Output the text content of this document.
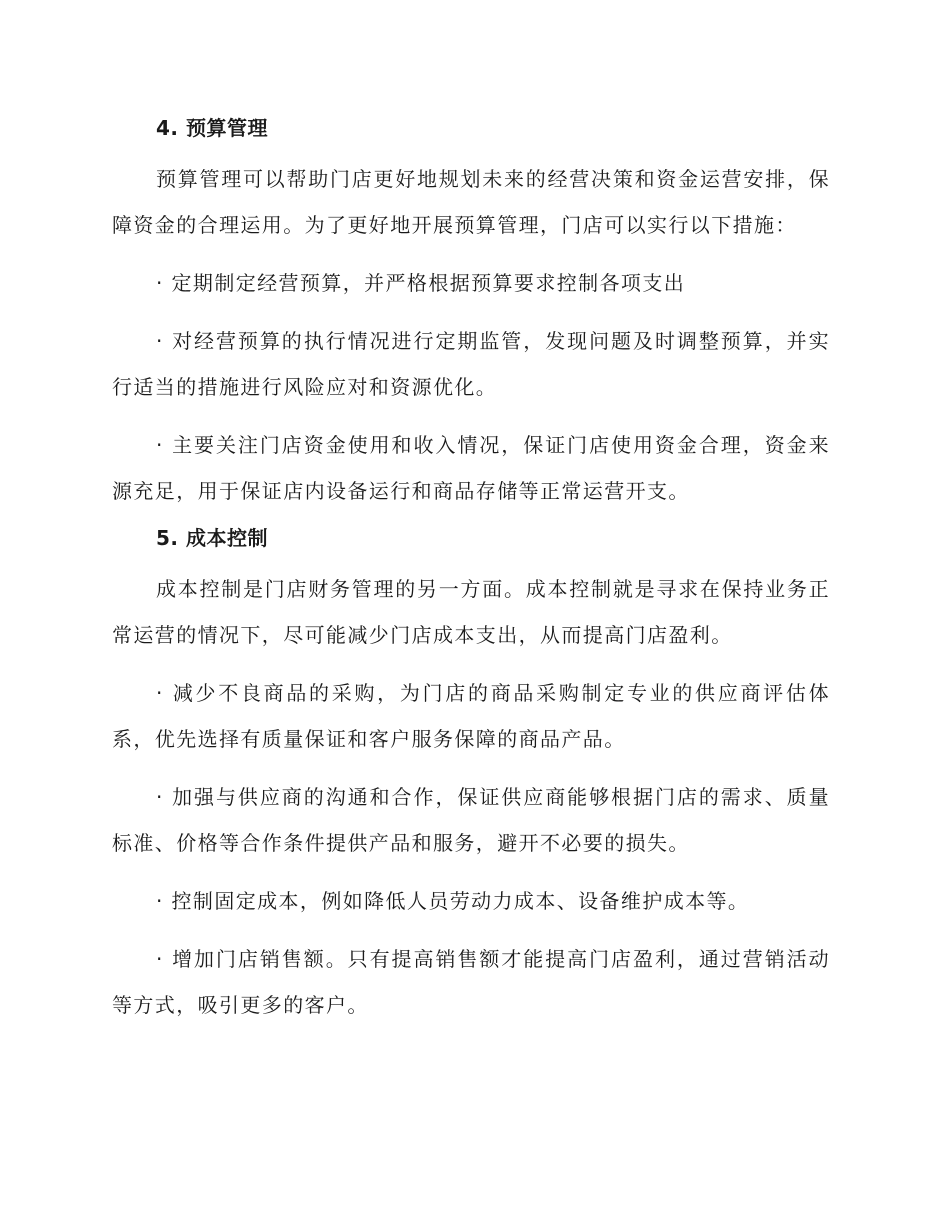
4. 预算管理

预算管理可以帮助门店更好地规划未来的经营决策和资金运营安排，保障资金的合理运用。为了更好地开展预算管理，门店可以实行以下措施：

· 定期制定经营预算，并严格根据预算要求控制各项支出

· 对经营预算的执行情况进行定期监管，发现问题及时调整预算，并实行适当的措施进行风险应对和资源优化。

· 主要关注门店资金使用和收入情况，保证门店使用资金合理，资金来源充足，用于保证店内设备运行和商品存储等正常运营开支。

5. 成本控制

成本控制是门店财务管理的另一方面。成本控制就是寻求在保持业务正常运营的情况下，尽可能减少门店成本支出，从而提高门店盈利。

· 减少不良商品的采购，为门店的商品采购制定专业的供应商评估体系，优先选择有质量保证和客户服务保障的商品产品。

· 加强与供应商的沟通和合作，保证供应商能够根据门店的需求、质量标准、价格等合作条件提供产品和服务，避开不必要的损失。

· 控制固定成本，例如降低人员劳动力成本、设备维护成本等。

· 增加门店销售额。只有提高销售额才能提高门店盈利，通过营销活动等方式，吸引更多的客户。
